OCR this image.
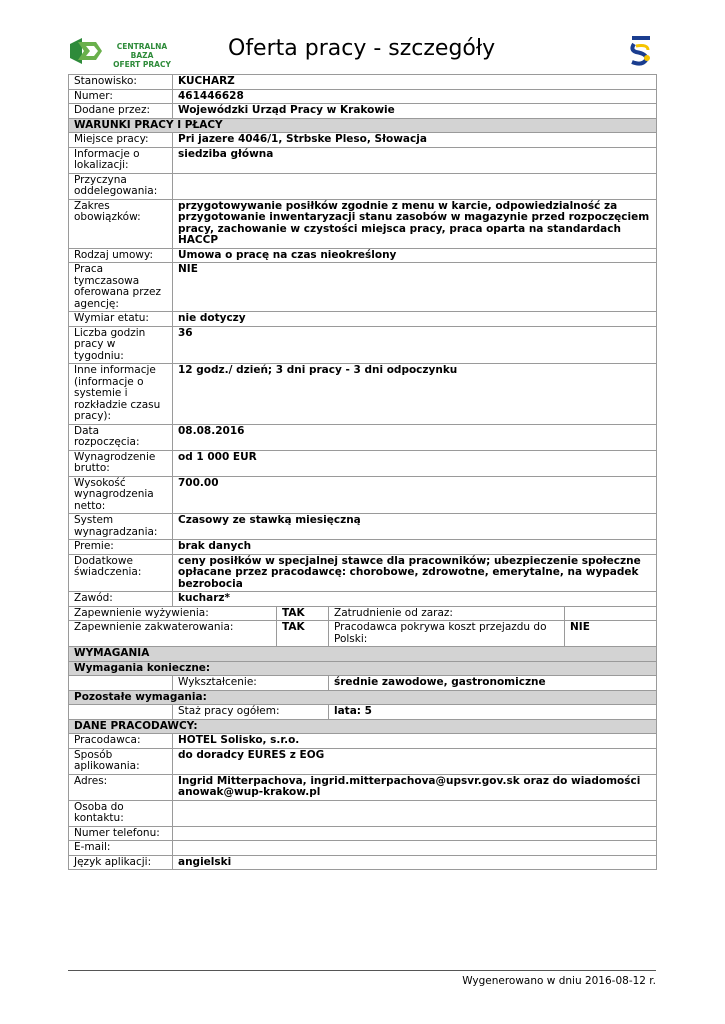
CENTRALNA BAZA
OFERT PRACY
Oferta pracy - szczegóły
Stanowisko:	KUCHARZ			
Numer:	461446628			
Dodane przez:	Wojewódzki Urząd Pracy w Krakowie			
WARUNKI PRACY I PŁACY				
Miejsce pracy:	Pri jazere 4046/1, Strbske Pleso, Słowacja			
Informacje o lokalizacji:	siedziba główna			
Przyczyna oddelegowania:				
Zakres obowiązków:	przygotowywanie posiłków zgodnie z menu w karcie, odpowiedzialność za przygotowanie inwentaryzacji stanu zasobów w magazynie przed rozpoczęciem pracy, zachowanie w czystości miejsca pracy, praca oparta na standardach HACCP			
Rodzaj umowy:	Umowa o pracę na czas nieokreślony			
Praca tymczasowa oferowana przez agencję:	NIE			
Wymiar etatu:	nie dotyczy			
Liczba godzin pracy w tygodniu:	36			
Inne informacje (informacje o systemie i rozkładzie czasu pracy):	12 godz./ dzień; 3 dni pracy - 3 dni odpoczynku			
Data rozpoczęcia:	08.08.2016			
Wynagrodzenie brutto:	od 1 000 EUR			
Wysokość wynagrodzenia netto:	700.00			
System wynagradzania:	Czasowy ze stawką miesięczną			
Premie:	brak danych			
Dodatkowe świadczenia:	ceny posiłków w specjalnej stawce dla pracowników; ubezpieczenie społeczne opłacane przez pracodawcę: chorobowe, zdrowotne, emerytalne, na wypadek bezrobocia			
Zawód:	kucharz*			
Zapewnienie wyżywienia:		TAK	Zatrudnienie od zaraz:	
Zapewnienie zakwaterowania:		TAK	Pracodawca pokrywa koszt przejazdu do Polski:	NIE
WYMAGANIA				
Wymagania konieczne:				
	Wykształcenie:		średnie zawodowe, gastronomiczne	
Pozostałe wymagania:				
	Staż pracy ogółem:		lata: 5	
DANE PRACODAWCY:				
Pracodawca:	HOTEL Solisko, s.r.o.			
Sposób aplikowania:	do doradcy EURES z EOG			
Adres:	Ingrid Mitterpachova, ingrid.mitterpachova@upsvr.gov.sk oraz do wiadomości anowak@wup-krakow.pl			
Osoba do kontaktu:				
Numer telefonu:				
E-mail:				
Język aplikacji:	angielski			
Wygenerowano w dniu 2016-08-12 r.
